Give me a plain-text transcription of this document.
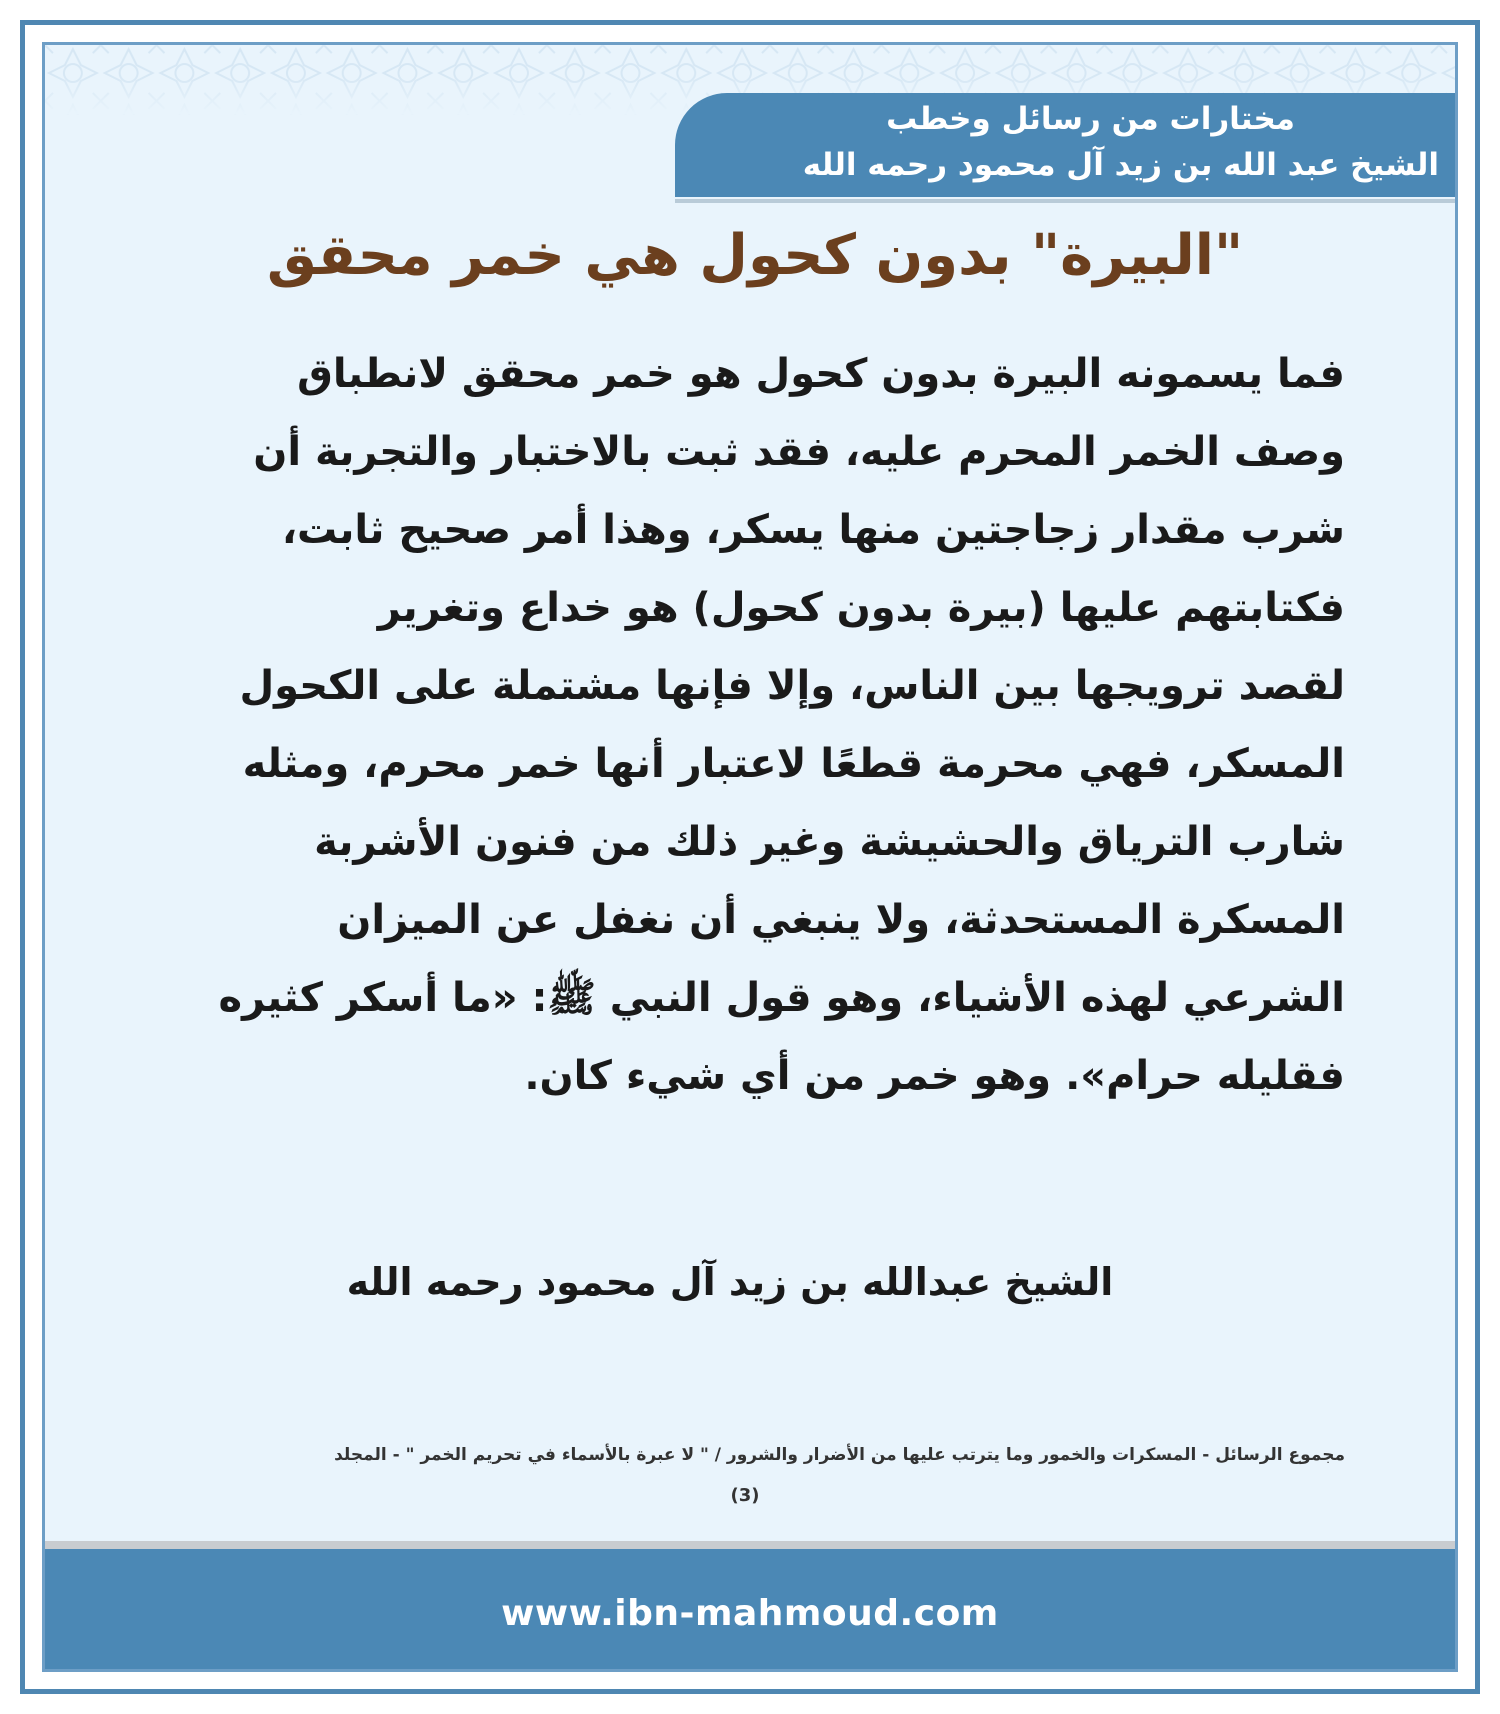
مختارات من رسائل وخطب
الشيخ عبد الله بن زيد آل محمود رحمه الله
"البيرة" بدون كحول هي خمر محقق
فما يسمونه البيرة بدون كحول هو خمر محقق لانطباق
وصف الخمر المحرم عليه، فقد ثبت بالاختبار والتجربة أن
شرب مقدار زجاجتين منها يسكر، وهذا أمر صحيح ثابت،
فكتابتهم عليها (بيرة بدون كحول) هو خداع وتغرير
لقصد ترويجها بين الناس، وإلا فإنها مشتملة على الكحول
المسكر، فهي محرمة قطعًا لاعتبار أنها خمر محرم، ومثله
شارب الترياق والحشيشة وغير ذلك من فنون الأشربة
المسكرة المستحدثة، ولا ينبغي أن نغفل عن الميزان
الشرعي لهذه الأشياء، وهو قول النبي ﷺ: «ما أسكر كثيره
فقليله حرام». وهو خمر من أي شيء كان.
الشيخ عبدالله بن زيد آل محمود رحمه الله
مجموع الرسائل - المسكرات والخمور وما يترتب عليها من الأضرار والشرور / " لا عبرة بالأسماء في تحريم الخمر " - المجلد
(3)
www.ibn-mahmoud.com
